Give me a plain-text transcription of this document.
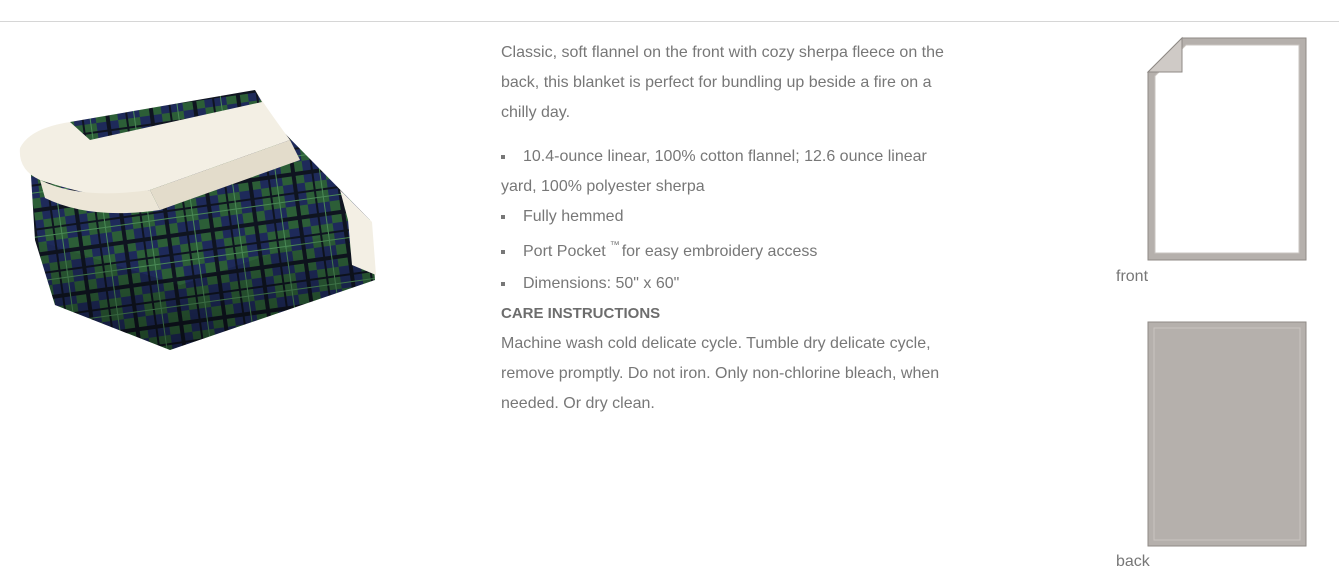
Classic, soft flannel on the front with cozy sherpa fleece on the back, this blanket is perfect for bundling up beside a fire on a chilly day.

10.4-ounce linear, 100% cotton flannel; 12.6 ounce linear yard, 100% polyester sherpa
Fully hemmed
Port Pocket ™ for easy embroidery access
Dimensions: 50" x 60"

CARE INSTRUCTIONS

Machine wash cold delicate cycle. Tumble dry delicate cycle, remove promptly. Do not iron. Only non-chlorine bleach, when needed. Or dry clean.

front
back
